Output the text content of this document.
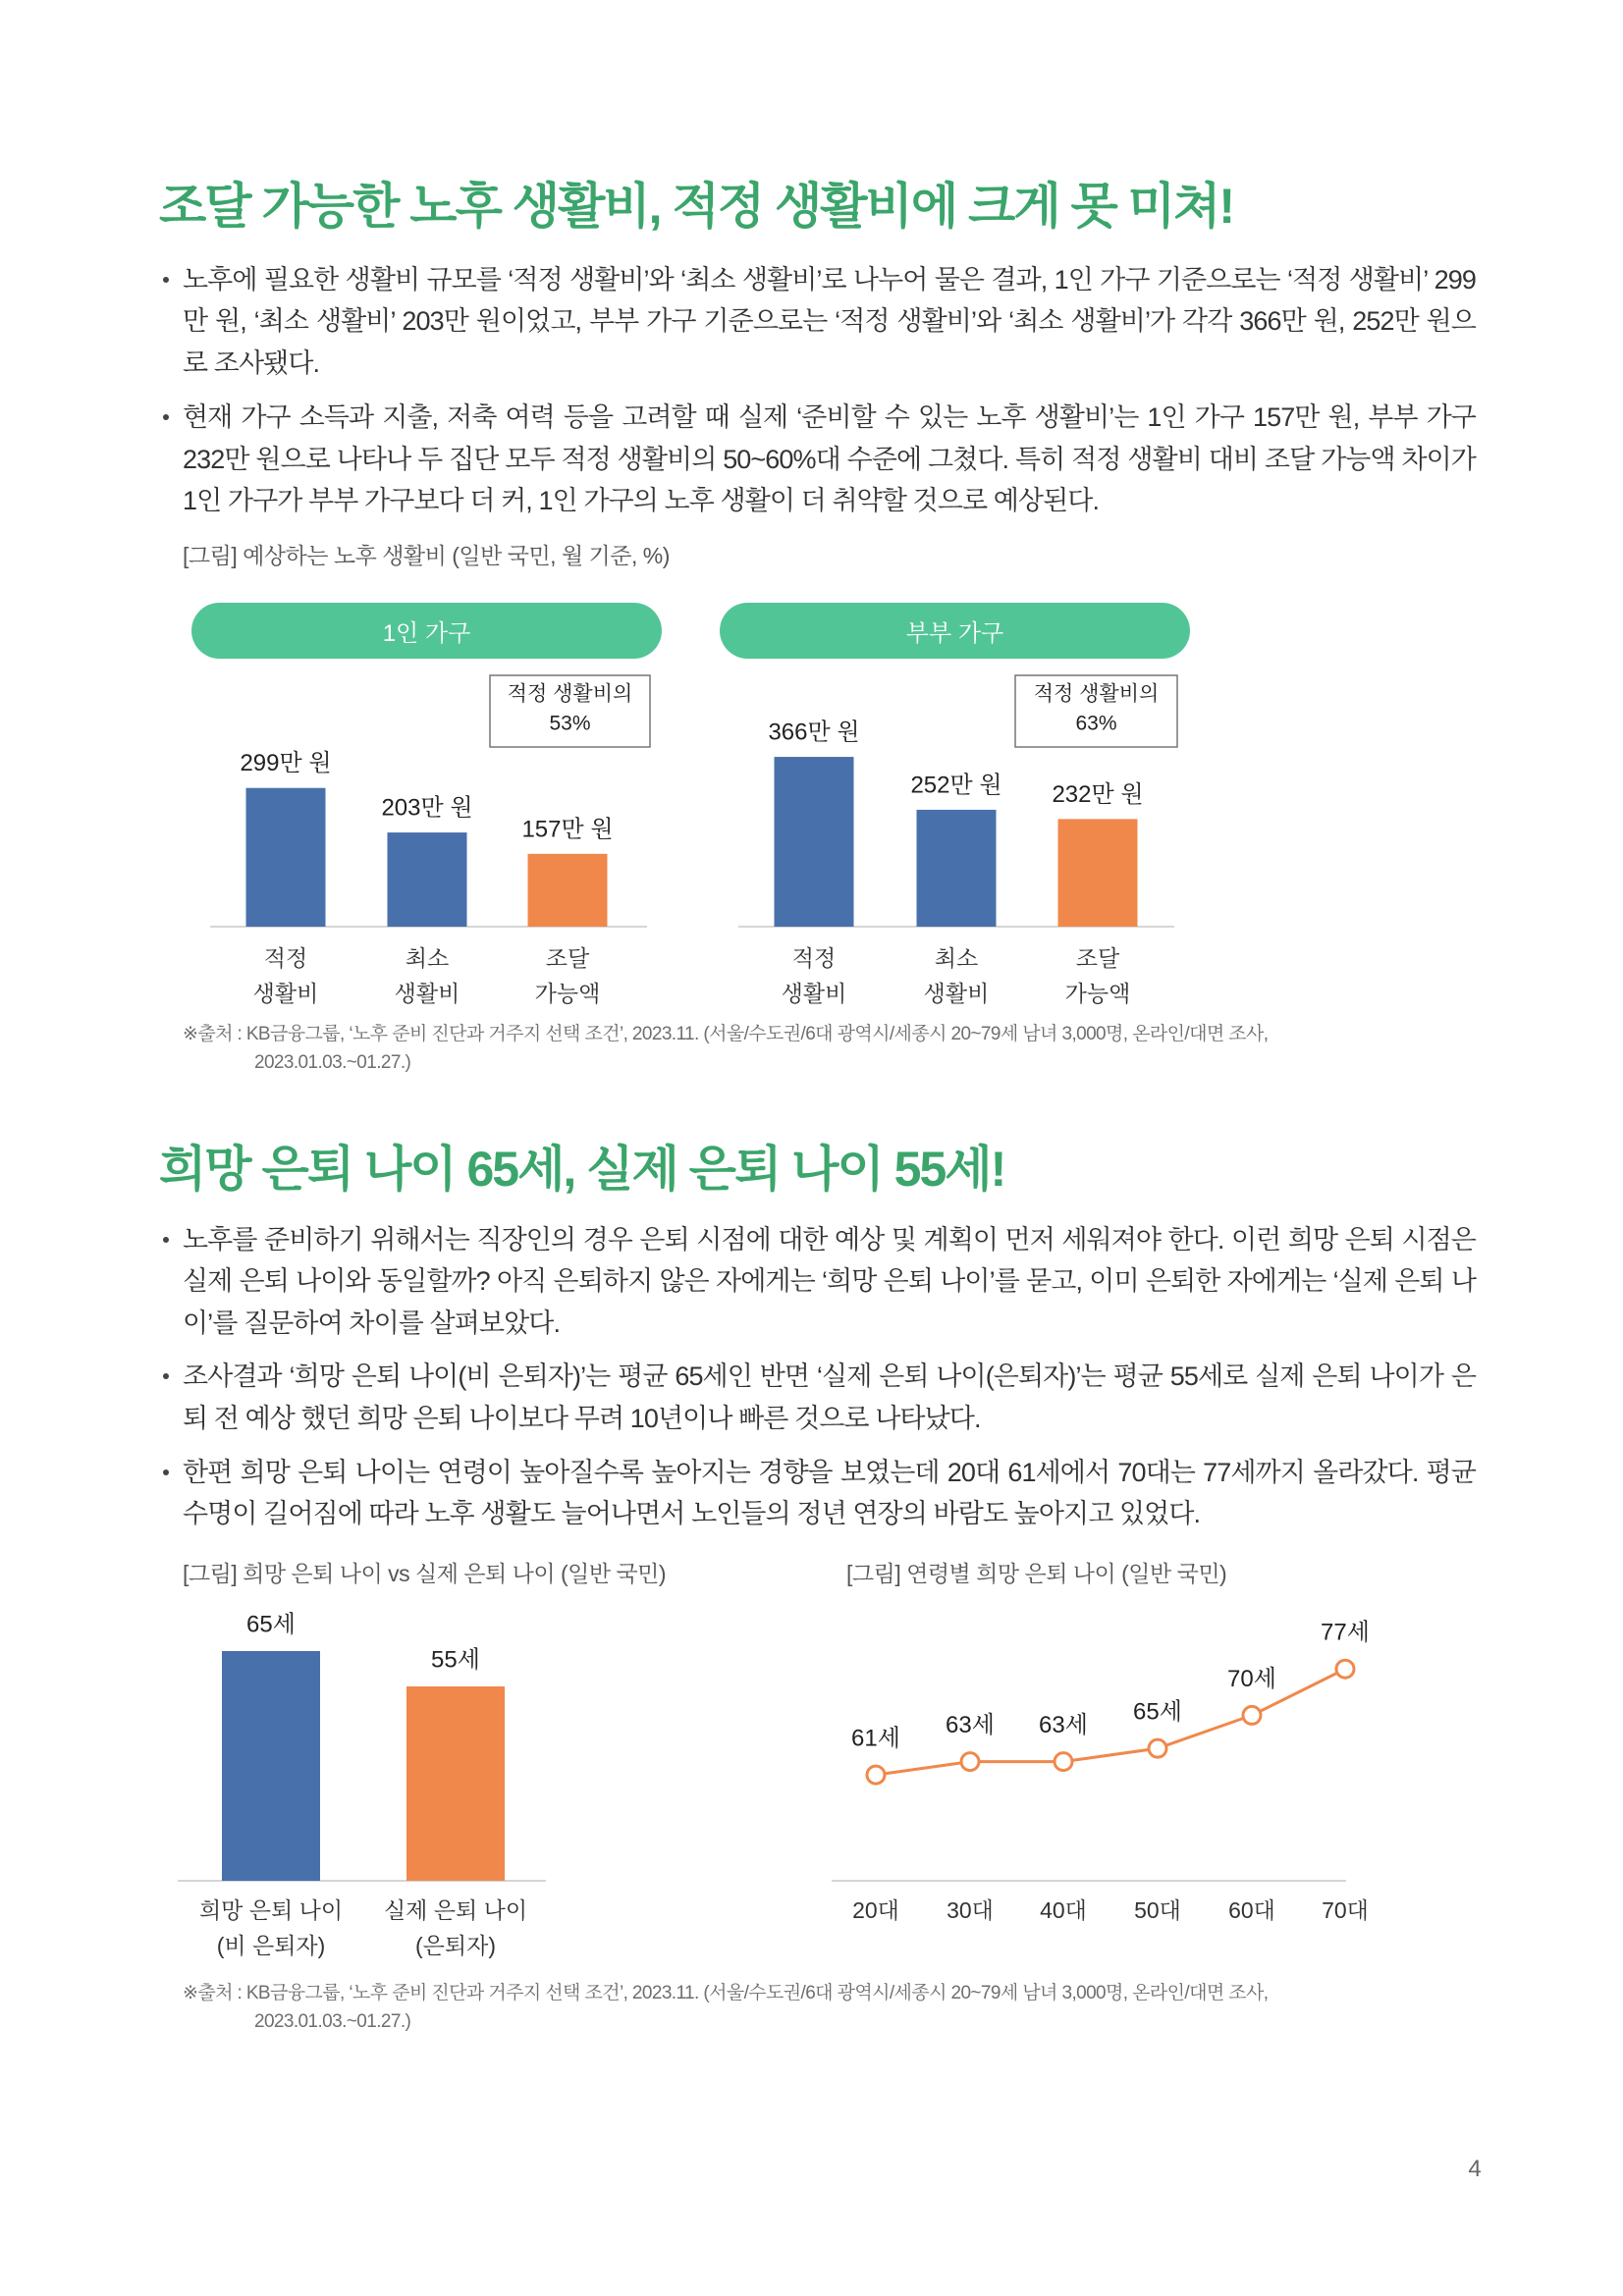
조달 가능한 노후 생활비, 적정 생활비에 크게 못 미쳐!
노후에 필요한 생활비 규모를 ‘적정 생활비’와 ‘최소 생활비’로 나누어 물은 결과, 1인 가구 기준으로는 ‘적정 생활비’ 299만 원, ‘최소 생활비’ 203만 원이었고, 부부 가구 기준으로는 ‘적정 생활비’와 ‘최소 생활비’가 각각 366만 원, 252만 원으로 조사됐다.
현재 가구 소득과 지출, 저축 여력 등을 고려할 때 실제 ‘준비할 수 있는 노후 생활비’는 1인 가구 157만 원, 부부 가구 232만 원으로 나타나 두 집단 모두 적정 생활비의 50~60%대 수준에 그쳤다. 특히 적정 생활비 대비 조달 가능액 차이가 1인 가구가 부부 가구보다 더 커, 1인 가구의 노후 생활이 더 취약할 것으로 예상된다.
[그림] 예상하는 노후 생활비 (일반 국민, 월 기준, %)
1인 가구	부부 가구
299만 원
203만 원
157만 원
적정
생활비
최소
생활비
조달
가능액
적정 생활비의
53%	366만 원
252만 원 232만 원
적정
생활비
최소
생활비
조달
가능액
적정 생활비의
63%

※출처 : KB금융그룹, ‘노후 준비 진단과 거주지 선택 조건’, 2023.11. (서울/수도권/6대 광역시/세종시 20~79세 남녀 3,000명, 온라인/대면 조사,
2023.01.03.~01.27.)

희망 은퇴 나이 65세, 실제 은퇴 나이 55세!
노후를 준비하기 위해서는 직장인의 경우 은퇴 시점에 대한 예상 및 계획이 먼저 세워져야 한다. 이런 희망 은퇴 시점은 실제 은퇴 나이와 동일할까? 아직 은퇴하지 않은 자에게는 ‘희망 은퇴 나이’를 묻고, 이미 은퇴한 자에게는 ‘실제 은퇴 나이’를 질문하여 차이를 살펴보았다.
조사결과 ‘희망 은퇴 나이(비 은퇴자)’는 평균 65세인 반면 ‘실제 은퇴 나이(은퇴자)’는 평균 55세로 실제 은퇴 나이가 은퇴 전 예상 했던 희망 은퇴 나이보다 무려 10년이나 빠른 것으로 나타났다.
한편 희망 은퇴 나이는 연령이 높아질수록 높아지는 경향을 보였는데 20대 61세에서 70대는 77세까지 올라갔다. 평균 수명이 길어짐에 따라 노후 생활도 늘어나면서 노인들의 정년 연장의 바람도 높아지고 있었다.
[그림] 희망 은퇴 나이 vs 실제 은퇴 나이 (일반 국민)	[그림] 연령별 희망 은퇴 나이 (일반 국민)
65세
55세
희망 은퇴 나이
(비 은퇴자)
실제 은퇴 나이
(은퇴자)
61세 63세 63세 65세
70세
77세
20대 30대 40대 50대 60대 70대

※출처 : KB금융그룹, ‘노후 준비 진단과 거주지 선택 조건’, 2023.11. (서울/수도권/6대 광역시/세종시 20~79세 남녀 3,000명, 온라인/대면 조사,
2023.01.03.~01.27.)

4
